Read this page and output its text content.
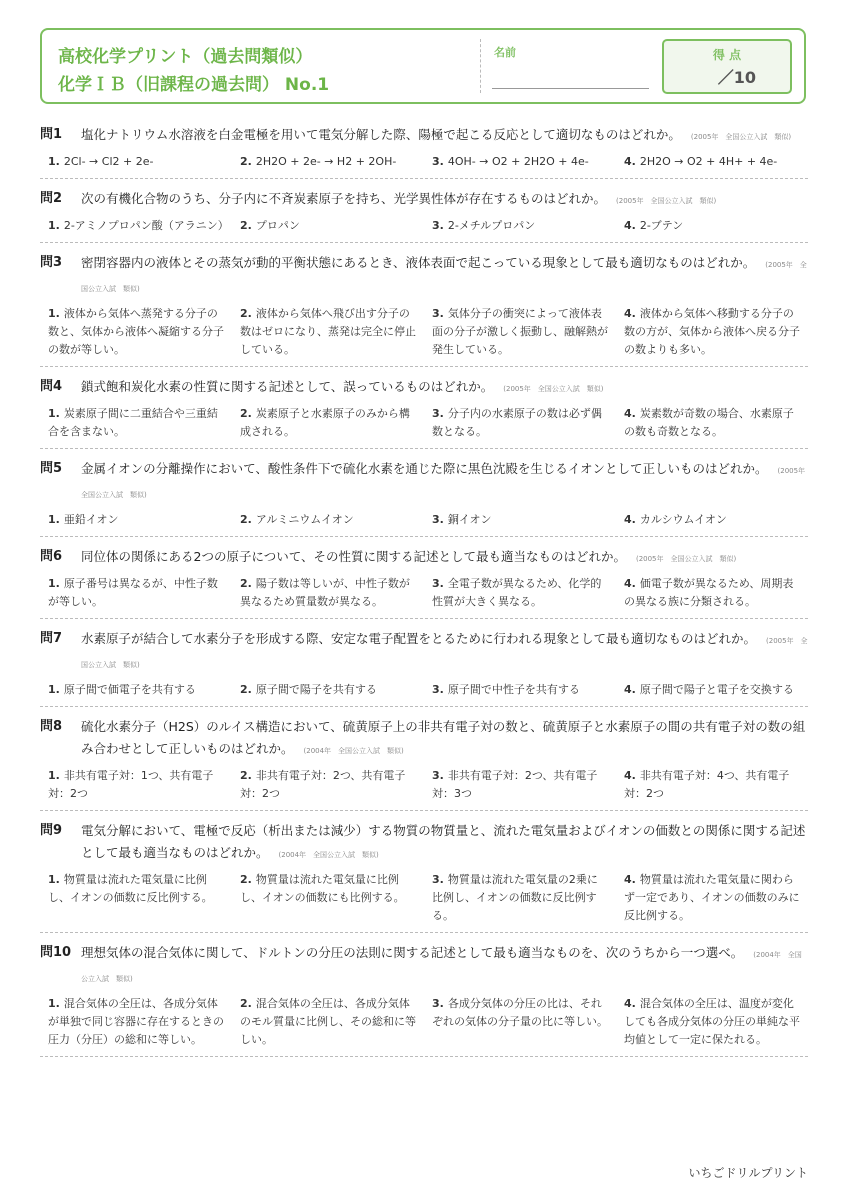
高校化学プリント（過去問類似）
化学ＩＢ（旧課程の過去問） No.1
名前	得 点
／10
問1 塩化ナトリウム水溶液を白金電極を用いて電気分解した際、陽極で起こる反応として適切なものはどれか。 (2005年　全国公立入試　類似)
1. 2Cl- → Cl2 + 2e-	2. 2H2O + 2e- → H2 + 2OH-	3. 4OH- → O2 + 2H2O + 4e-	4. 2H2O → O2 + 4H+ + 4e-
問2 次の有機化合物のうち、分子内に不斉炭素原子を持ち、光学異性体が存在するものはどれか。 (2005年　全国公立入試　類似)
1. 2-アミノプロパン酸（アラニン）	2. プロパン	3. 2-メチルプロパン	4. 2-ブテン
問3 密閉容器内の液体とその蒸気が動的平衡状態にあるとき、液体表面で起こっている現象として最も適切なものはどれか。 (2005年　全国公立入試　類似)
1. 液体から気体へ蒸発する分子の数と、気体から液体へ凝縮する分子の数が等しい。
2. 液体から気体へ飛び出す分子の数はゼロになり、蒸発は完全に停止している。
3. 気体分子の衝突によって液体表面の分子が激しく振動し、融解熱が発生している。
4. 液体から気体へ移動する分子の数の方が、気体から液体へ戻る分子の数よりも多い。
問4 鎖式飽和炭化水素の性質に関する記述として、誤っているものはどれか。 (2005年　全国公立入試　類似)
1. 炭素原子間に二重結合や三重結合を含まない。
2. 炭素原子と水素原子のみから構成される。
3. 分子内の水素原子の数は必ず偶数となる。
4. 炭素数が奇数の場合、水素原子の数も奇数となる。
問5 金属イオンの分離操作において、酸性条件下で硫化水素を通じた際に黒色沈殿を生じるイオンとして正しいものはどれか。 (2005年　全国公立入試　類似)
1. 亜鉛イオン	2. アルミニウムイオン	3. 銅イオン	4. カルシウムイオン
問6 同位体の関係にある2つの原子について、その性質に関する記述として最も適当なものはどれか。 (2005年　全国公立入試　類似)
1. 原子番号は異なるが、中性子数が等しい。
2. 陽子数は等しいが、中性子数が異なるため質量数が異なる。
3. 全電子数が異なるため、化学的性質が大きく異なる。
4. 価電子数が異なるため、周期表の異なる族に分類される。
問7 水素原子が結合して水素分子を形成する際、安定な電子配置をとるために行われる現象として最も適切なものはどれか。 (2005年　全国公立入試　類似)
1. 原子間で価電子を共有する	2. 原子間で陽子を共有する	3. 原子間で中性子を共有する	4. 原子間で陽子と電子を交換する
問8 硫化水素分子（H2S）のルイス構造において、硫黄原子上の非共有電子対の数と、硫黄原子と水素原子の間の共有電子対の数の組み合わせとして正しいものはどれか。 (2004年　全国公立入試　類似)
1. 非共有電子対：1つ、共有電子対：2つ
2. 非共有電子対：2つ、共有電子対：2つ
3. 非共有電子対：2つ、共有電子対：3つ
4. 非共有電子対：4つ、共有電子対：2つ
問9 電気分解において、電極で反応（析出または減少）する物質の物質量と、流れた電気量およびイオンの価数との関係に関する記述として最も適当なものはどれか。 (2004年　全国公立入試　類似)
1. 物質量は流れた電気量に比例し、イオンの価数に反比例する。
2. 物質量は流れた電気量に比例し、イオンの価数にも比例する。
3. 物質量は流れた電気量の2乗に比例し、イオンの価数に反比例する。
4. 物質量は流れた電気量に関わらず一定であり、イオンの価数のみに反比例する。
問10 理想気体の混合気体に関して、ドルトンの分圧の法則に関する記述として最も適当なものを、次のうちから一つ選べ。 (2004年　全国公立入試　類似)
1. 混合気体の全圧は、各成分気体が単独で同じ容器に存在するときの圧力（分圧）の総和に等しい。
2. 混合気体の全圧は、各成分気体のモル質量に比例し、その総和に等しい。
3. 各成分気体の分圧の比は、それぞれの気体の分子量の比に等しい。
4. 混合気体の全圧は、温度が変化しても各成分気体の分圧の単純な平均値として一定に保たれる。
いちごドリルプリント
